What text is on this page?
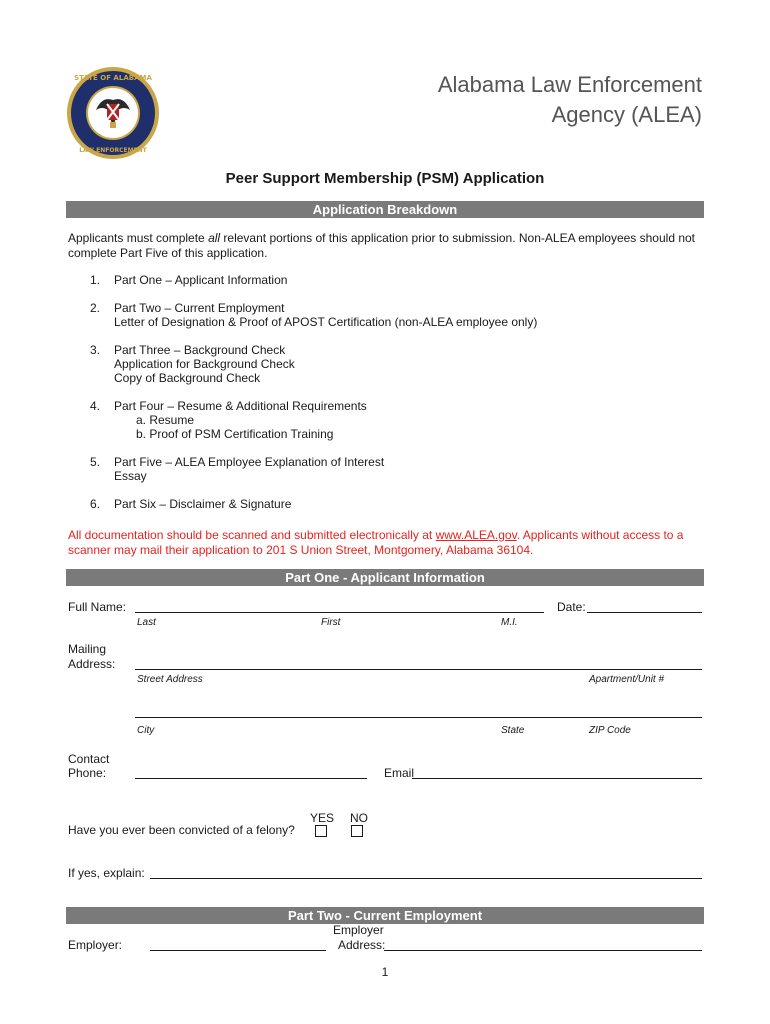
STATE OF ALABAMA
LAW ENFORCEMENT
Alabama Law Enforcement
Agency (ALEA)
Peer Support Membership (PSM) Application
Application Breakdown
Applicants must complete all relevant portions of this application prior to submission. Non-ALEA employees should not complete Part Five of this application.
1. Part One – Applicant Information
2. Part Two – Current Employment
Letter of Designation & Proof of APOST Certification (non-ALEA employee only)
3. Part Three – Background Check
Application for Background Check
Copy of Background Check
4. Part Four – Resume & Additional Requirements
a. Resume
b. Proof of PSM Certification Training
5. Part Five – ALEA Employee Explanation of Interest
Essay
6. Part Six – Disclaimer & Signature
All documentation should be scanned and submitted electronically at www.ALEA.gov. Applicants without access to a scanner may mail their application to 201 S Union Street, Montgomery, Alabama 36104.
Part One - Applicant Information
Full Name:	Date:
Last	First	M.I.
Mailing
Address:
Street Address	Apartment/Unit #
City	State	ZIP Code
Contact
Phone:	Email
YES NO
Have you ever been convicted of a felony?
If yes, explain:
Part Two - Current Employment
Employer:
Employer
Address:
1
